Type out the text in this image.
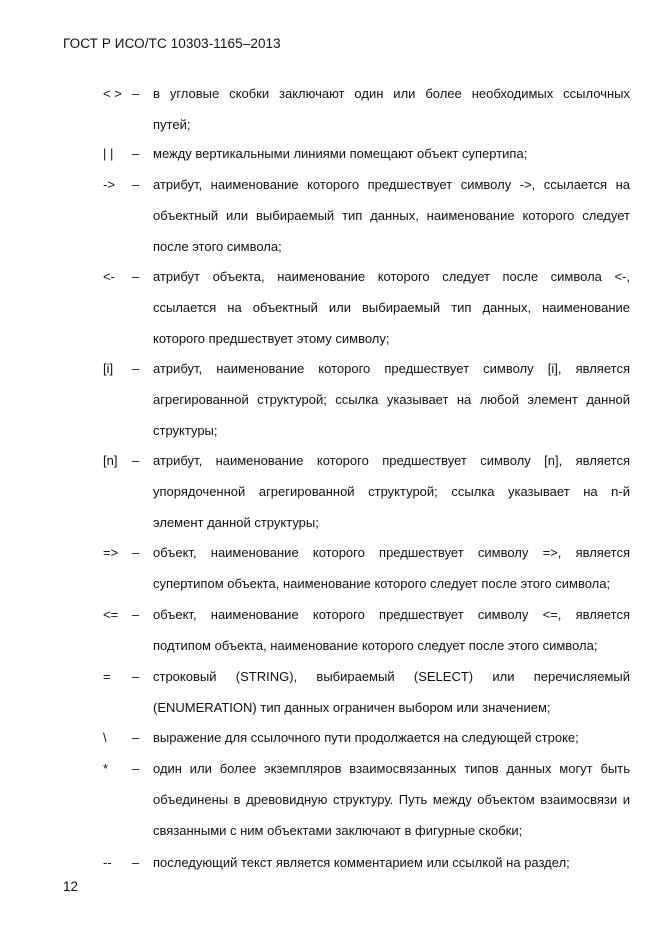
ГОСТ Р ИСО/ТС 10303-1165–2013
< > –	в угловые скобки заключают один или более необходимых ссылочных
путей;
| |	–	между вертикальными линиями помещают объект супертипа;
->	–	атрибут, наименование которого предшествует символу ->, ссылается на
объектный или выбираемый тип данных, наименование которого следует
после этого символа;
<-	–	атрибут объекта, наименование которого следует после символа <-,
ссылается на объектный или выбираемый тип данных, наименование
которого предшествует этому символу;
[i]	–	атрибут, наименование которого предшествует символу [i], является
агрегированной структурой; cсылка указывает на любой элемент данной
структуры;
[n]	–	атрибут, наименование которого предшествует символу [n], является
упорядоченной агрегированной структурой; ссылка указывает на n-й
элемент данной структуры;
=>	–	объект, наименование которого предшествует символу =>, является
супертипом объекта, наименование которого следует после этого символа;
<=	–	объект, наименование которого предшествует символу <=, является
подтипом объекта, наименование которого следует после этого символа;
=	–	строковый (STRING), выбираемый (SELECT) или перечисляемый
(ENUMERATION) тип данных ограничен выбором или значением;
\	–	выражение для ссылочного пути продолжается на следующей строке;
*	–	один или более экземпляров взаимосвязанных типов данных могут быть
объединены в древовидную структуру. Путь между объектом взаимосвязи и
связанными с ним объектами заключают в фигурные скобки;
--	–	последующий текст является комментарием или ссылкой на раздел;
12
